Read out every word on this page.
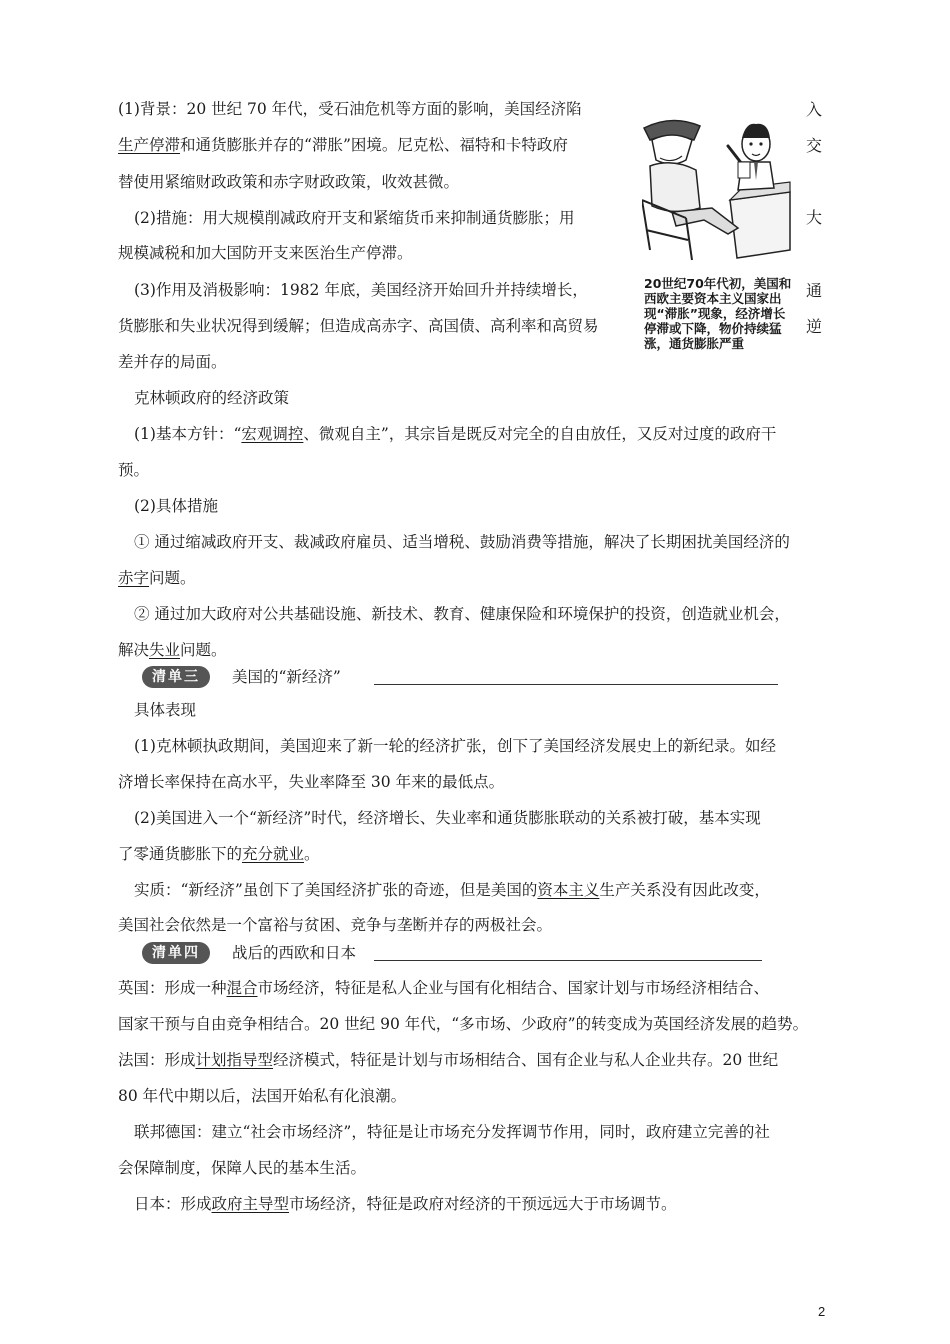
(1)背景：20 世纪 70 年代，受石油危机等方面的影响，美国经济陷
生产停滞和通货膨胀并存的“滞胀”困境。尼克松、福特和卡特政府
替使用紧缩财政政策和赤字财政政策，收效甚微。
(2)措施：用大规模削减政府开支和紧缩货币来抑制通货膨胀；用
规模减税和加大国防开支来医治生产停滞。
(3)作用及消极影响：1982 年底，美国经济开始回升并持续增长，
货膨胀和失业状况得到缓解；但造成高赤字、高国债、高利率和高贸易
差并存的局面。
入
交
大
通
逆
20世纪70年代初，美国和西欧主要资本主义国家出现“滞胀”现象，经济增长停滞或下降，物价持续猛涨，通货膨胀严重
克林顿政府的经济政策
(1)基本方针：“宏观调控、微观自主”，其宗旨是既反对完全的自由放任，又反对过度的政府干
预。
(2)具体措施
① 通过缩减政府开支、裁减政府雇员、适当增税、鼓励消费等措施，解决了长期困扰美国经济的
赤字问题。
② 通过加大政府对公共基础设施、新技术、教育、健康保险和环境保护的投资，创造就业机会，
解决失业问题。
清单三	美国的“新经济”
具体表现
(1)克林顿执政期间，美国迎来了新一轮的经济扩张，创下了美国经济发展史上的新纪录。如经
济增长率保持在高水平，失业率降至 30 年来的最低点。
(2)美国进入一个“新经济”时代，经济增长、失业率和通货膨胀联动的关系被打破，基本实现
了零通货膨胀下的充分就业。
实质：“新经济”虽创下了美国经济扩张的奇迹，但是美国的资本主义生产关系没有因此改变，
美国社会依然是一个富裕与贫困、竞争与垄断并存的两极社会。
清单四	战后的西欧和日本
英国：形成一种混合市场经济，特征是私人企业与国有化相结合、国家计划与市场经济相结合、
国家干预与自由竞争相结合。20 世纪 90 年代，“多市场、少政府”的转变成为英国经济发展的趋势。
法国：形成计划指导型经济模式，特征是计划与市场相结合、国有企业与私人企业共存。20 世纪
80 年代中期以后，法国开始私有化浪潮。
联邦德国：建立“社会市场经济”，特征是让市场充分发挥调节作用，同时，政府建立完善的社
会保障制度，保障人民的基本生活。
日本：形成政府主导型市场经济，特征是政府对经济的干预远远大于市场调节。
2
